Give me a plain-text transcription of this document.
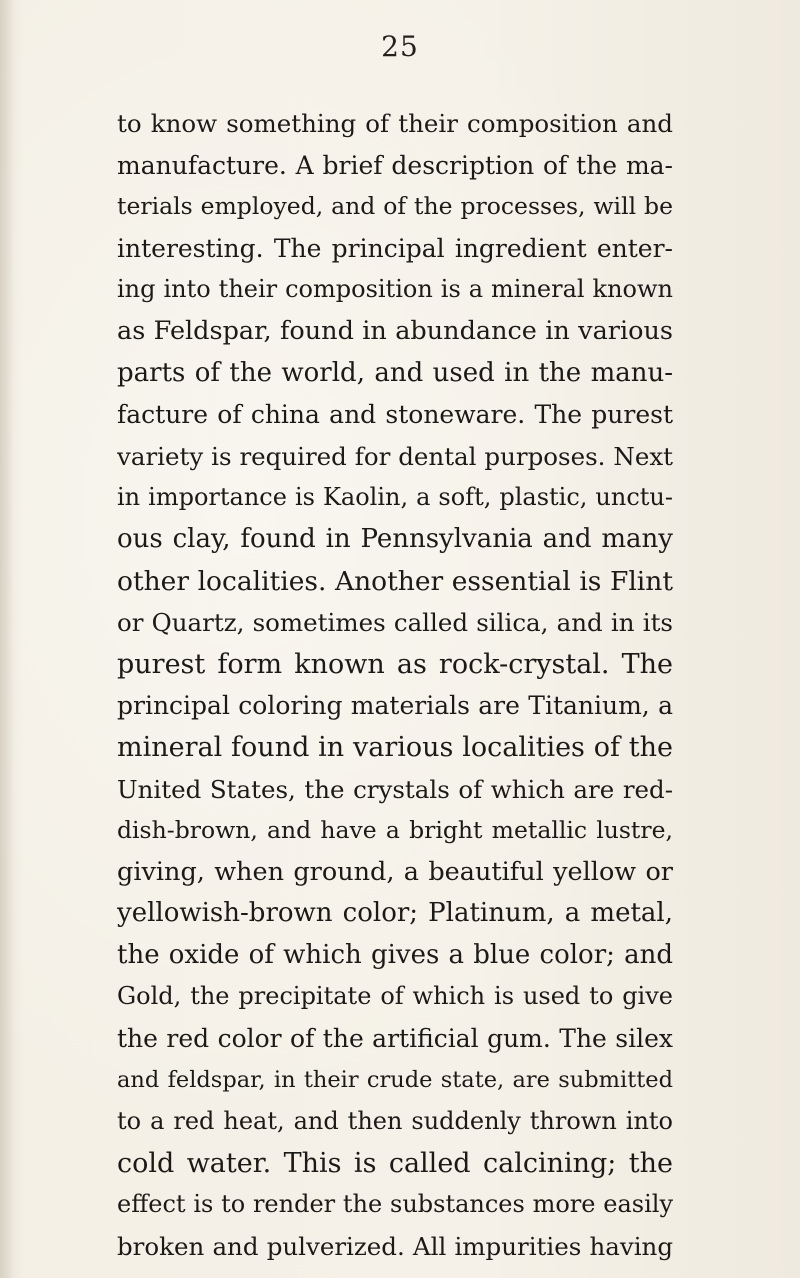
25
to know something of their composition and
manufacture. A brief description of the ma-
terials employed, and of the processes, will be
interesting. The principal ingredient enter-
ing into their composition is a mineral known
as Feldspar, found in abundance in various
parts of the world, and used in the manu-
facture of china and stoneware. The purest
variety is required for dental purposes. Next
in importance is Kaolin, a soft, plastic, unctu-
ous clay, found in Pennsylvania and many
other localities. Another essential is Flint
or Quartz, sometimes called silica, and in its
purest form known as rock-crystal. The
principal coloring materials are Titanium, a
mineral found in various localities of the
United States, the crystals of which are red-
dish-brown, and have a bright metallic lustre,
giving, when ground, a beautiful yellow or
yellowish-brown color; Platinum, a metal,
the oxide of which gives a blue color; and
Gold, the precipitate of which is used to give
the red color of the artificial gum. The silex
and feldspar, in their crude state, are submitted
to a red heat, and then suddenly thrown into
cold water. This is called calcining; the
effect is to render the substances more easily
broken and pulverized. All impurities having
